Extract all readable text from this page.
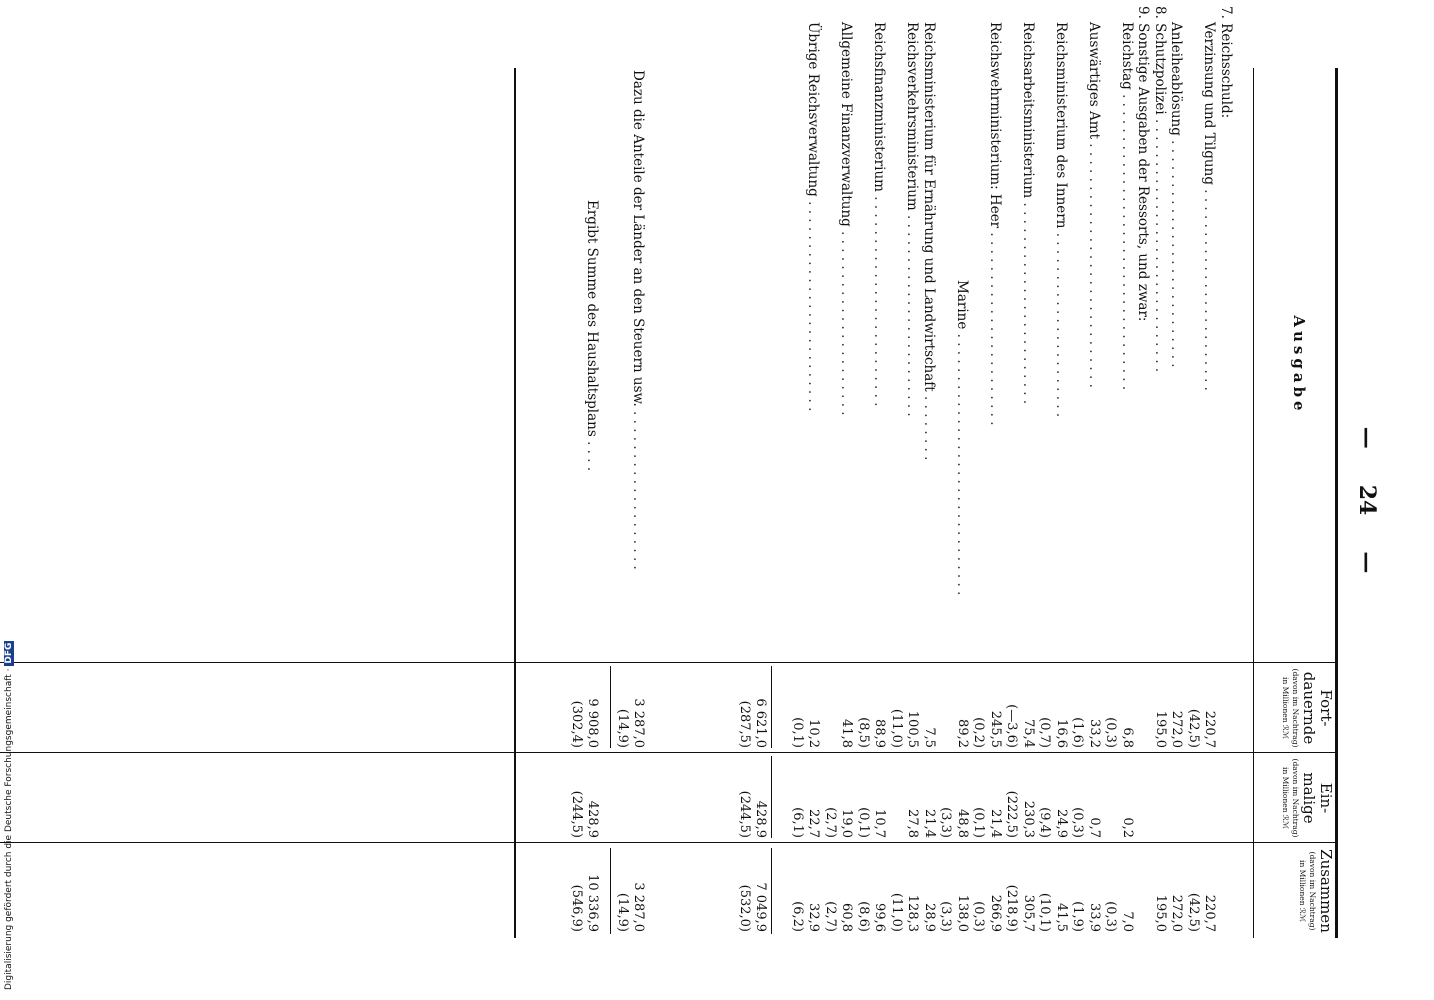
—24—
Ausgabe
Fort-
dauernde
(davon im Nachtrag)
in Millionen ℛℳ
Ein-
malige
(davon im Nachtrag)
in Millionen ℛℳ
Zusammen
(davon im Nachtrag)
in Millionen ℛℳ
7. Reichsschuld:
Verzinsung und Tilgung . . . . . . . . . . . . . . . . . . . . . . . .
220,7
220,7
(42,5)
(42,5)
Anleiheablösung . . . . . . . . . . . . . . . . . . . . . . . . . . .
272,0
272,0
8. Schutzpolizei . . . . . . . . . . . . . . . . . . . . . . . . . . . . . .
195,0
195,0
9. Sonstige Ausgaben der Ressorts, und zwar:
Reichstag . . . . . . . . . . . . . . . . . . . . . . . . . . . . . . . . . . .
6,8
0,2
7,0
(0,3)
(0,3)
Auswärtiges Amt . . . . . . . . . . . . . . . . . . . . . . . . . . . . .
33,2
0,7
33,9
(1,6)
(0,3)
(1,9)
Reichsministerium des Innern . . . . . . . . . . . . . . . . . . . . . .
16,6
24,9
41,5
(0,7)
(9,4)
(10,1)
Reichsarbeitsministerium . . . . . . . . . . . . . . . . . . . . . . . .
75,4
230,3
305,7
(—3,6)
(222,5)
(218,9)
Reichswehrministerium: Heer . . . . . . . . . . . . . . . . . . . . . . .
245,5
21,4
266,9
(0,2)
(0,1)
(0,3)
Marine . . . . . . . . . . . . . . . . . . . . . . . . . . . . . . .
89,2
48,8
138,0
(3,3)
(3,3)
Reichsministerium für Ernährung und Landwirtschaft . . . . . . . .
7,5
21,4
28,9
Reichsverkehrsministerium . . . . . . . . . . . . . . . . . . . . . . . .
100,5
27,8
128,3
(11,0)
(11,0)
Reichsfinanzministerium . . . . . . . . . . . . . . . . . . . . . . . . .
88,9
10,7
99,6
(8,5)
(0,1)
(8,6)
Allgemeine Finanzverwaltung . . . . . . . . . . . . . . . . . . . . . .
41,8
19,0
60,8
(2,7)
(2,7)
Übrige Reichsverwaltung . . . . . . . . . . . . . . . . . . . . . . . . .
10,2
22,7
32,9
(0,1)
(6,1)
(6,2)
6 621,0
(287,5)
428,9
(244,5)
7 049,9
(532,0)
Dazu die Anteile der Länder an den Steuern usw. . . . . . . . . . . . . . . . . . . .
3 287,0
(14,9)
3 287,0
(14,9)
Ergibt Summe des Haushaltsplans . . . .
9 908,0
(302,4)
428,9
(244,5)
10 336,9
(546,9)
Digitalisierung gefördert durch die Deutsche Forschungsgemeinschaft · DFG
